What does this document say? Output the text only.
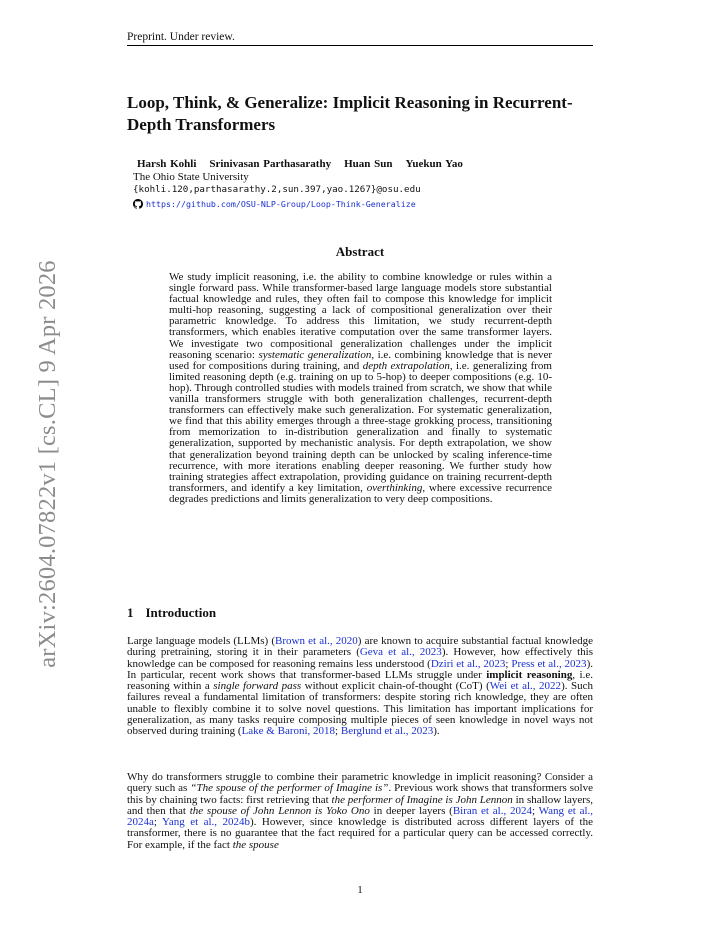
Preprint. Under review.
arXiv:2604.07822v1 [cs.CL] 9 Apr 2026
Loop, Think, & Generalize: Implicit Reasoning in Recurrent-Depth Transformers
Harsh Kohli Srinivasan Parthasarathy Huan Sun Yuekun Yao
The Ohio State University
{kohli.120,parthasarathy.2,sun.397,yao.1267}@osu.edu
https://github.com/OSU-NLP-Group/Loop-Think-Generalize
Abstract
We study implicit reasoning, i.e. the ability to combine knowledge or rules within a single forward pass. While transformer-based large language models store substantial factual knowledge and rules, they often fail to compose this knowledge for implicit multi-hop reasoning, suggesting a lack of compositional generalization over their parametric knowledge. To address this limitation, we study recurrent-depth transformers, which enables iterative computation over the same transformer layers. We investigate two compositional generalization challenges under the implicit reasoning scenario: systematic generalization, i.e. combining knowledge that is never used for compositions during training, and depth extrapolation, i.e. generalizing from limited reasoning depth (e.g. training on up to 5-hop) to deeper compositions (e.g. 10-hop). Through controlled studies with models trained from scratch, we show that while vanilla transformers struggle with both generalization challenges, recurrent-depth transformers can effectively make such generalization. For systematic generalization, we find that this ability emerges through a three-stage grokking process, transitioning from memorization to in-distribution generalization and finally to systematic generalization, supported by mechanistic analysis. For depth extrapolation, we show that generalization beyond training depth can be unlocked by scaling inference-time recurrence, with more iterations enabling deeper reasoning. We further study how training strategies affect extrapolation, providing guidance on training recurrent-depth transformers, and identify a key limitation, overthinking, where excessive recurrence degrades predictions and limits generalization to very deep compositions.
1 Introduction
Large language models (LLMs) (Brown et al., 2020) are known to acquire substantial factual knowledge during pretraining, storing it in their parameters (Geva et al., 2023). However, how effectively this knowledge can be composed for reasoning remains less understood (Dziri et al., 2023; Press et al., 2023). In particular, recent work shows that transformer-based LLMs struggle under implicit reasoning, i.e. reasoning within a single forward pass without explicit chain-of-thought (CoT) (Wei et al., 2022). Such failures reveal a fundamental limitation of transformers: despite storing rich knowledge, they are often unable to flexibly combine it to solve novel questions. This limitation has important implications for generalization, as many tasks require composing multiple pieces of seen knowledge in novel ways not observed during training (Lake & Baroni, 2018; Berglund et al., 2023).
Why do transformers struggle to combine their parametric knowledge in implicit reasoning? Consider a query such as “The spouse of the performer of Imagine is”. Previous work shows that transformers solve this by chaining two facts: first retrieving that the performer of Imagine is John Lennon in shallow layers, and then that the spouse of John Lennon is Yoko Ono in deeper layers (Biran et al., 2024; Wang et al., 2024a; Yang et al., 2024b). However, since knowledge is distributed across different layers of the transformer, there is no guarantee that the fact required for a particular query can be accessed correctly. For example, if the fact the spouse
1
